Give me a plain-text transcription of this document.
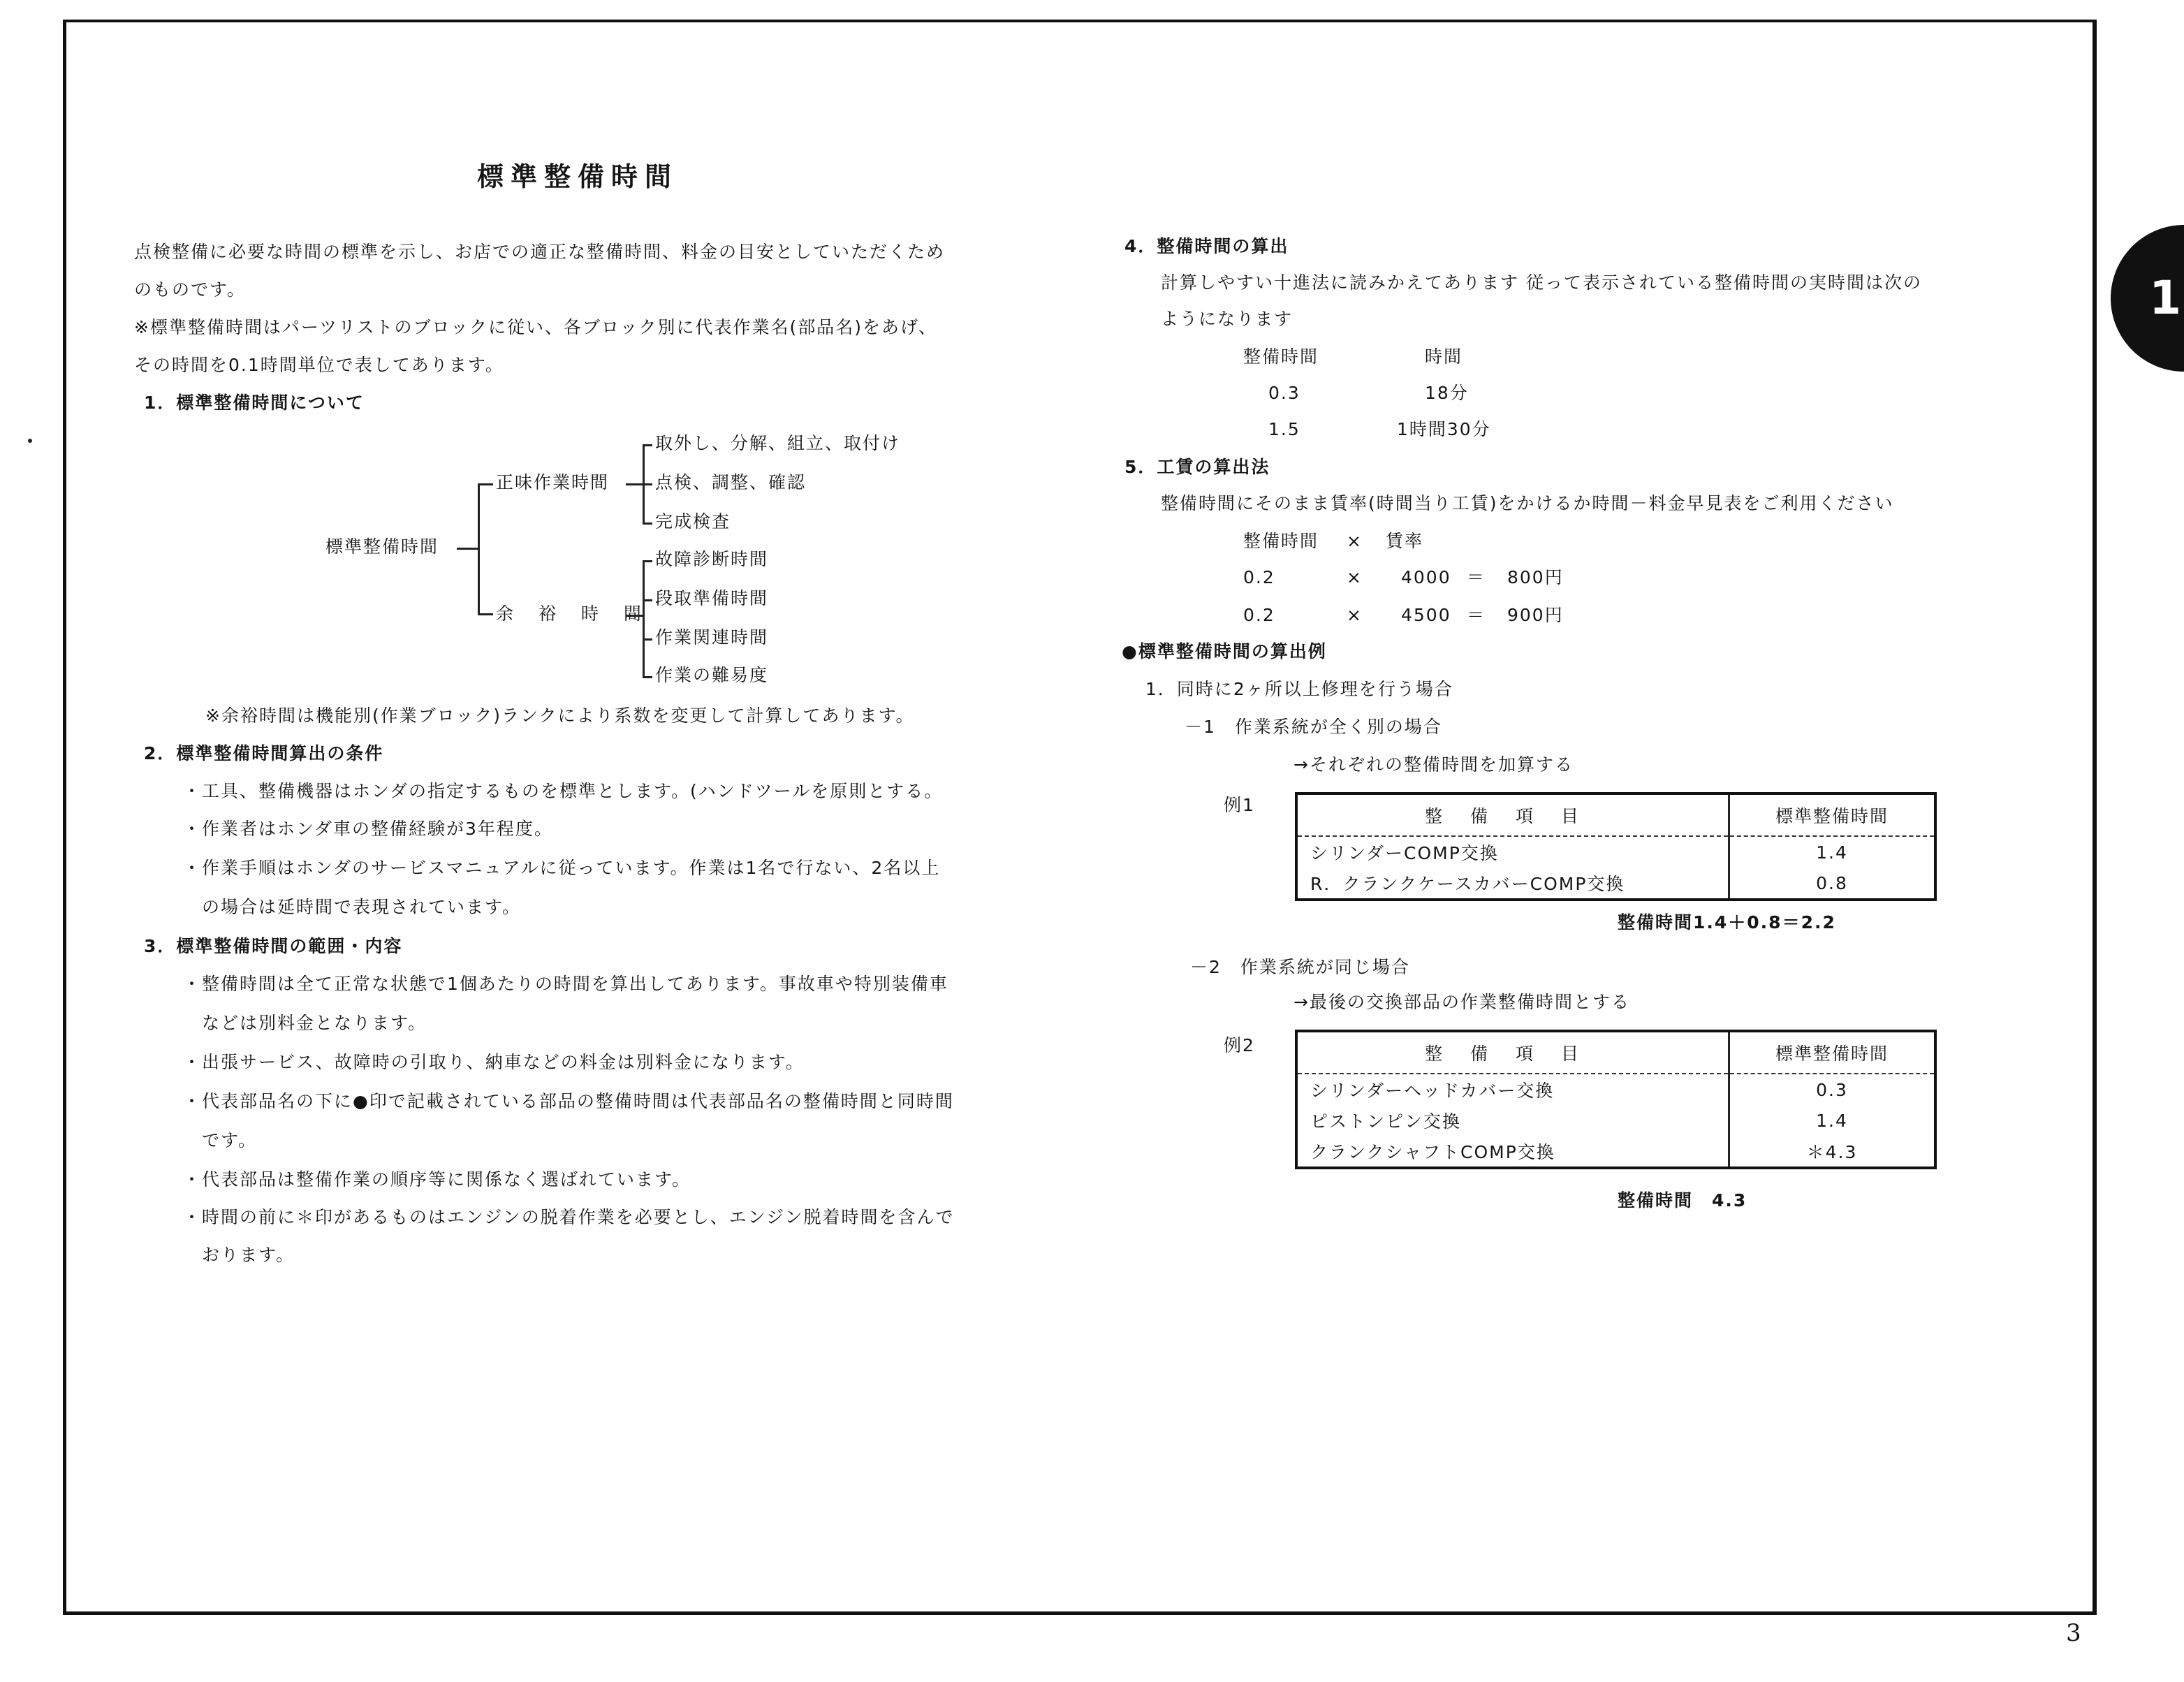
1
3
標準整備時間
点検整備に必要な時間の標準を示し、お店での適正な整備時間、料金の目安としていただくため
のものです。
※標準整備時間はパーツリストのブロックに従い、各ブロック別に代表作業名(部品名)をあげ、
その時間を0.1時間単位で表してあります。
1．標準整備時間について
標準整備時間
正味作業時間
取外し、分解、組立、取付け
点検、調整、確認
完成検査
余 裕 時 間
故障診断時間
段取準備時間
作業関連時間
作業の難易度
※余裕時間は機能別(作業ブロック)ランクにより系数を変更して計算してあります。
2．標準整備時間算出の条件
・工具、整備機器はホンダの指定するものを標準とします。(ハンドツールを原則とする。
・作業者はホンダ車の整備経験が3年程度。
・作業手順はホンダのサービスマニュアルに従っています。作業は1名で行ない、2名以上
　の場合は延時間で表現されています。
3．標準整備時間の範囲・内容
・整備時間は全て正常な状態で1個あたりの時間を算出してあります。事故車や特別装備車
　などは別料金となります。
・出張サービス、故障時の引取り、納車などの料金は別料金になります。
・代表部品名の下に●印で記載されている部品の整備時間は代表部品名の整備時間と同時間
　です。
・代表部品は整備作業の順序等に関係なく選ばれています。
・時間の前に＊印があるものはエンジンの脱着作業を必要とし、エンジン脱着時間を含んで
　おります。
4．整備時間の算出
計算しやすい十進法に読みかえてあります 従って表示されている整備時間の実時間は次の
ようになります
整備時間	時間
0.3	18分
1.5	1時間30分
5．工賃の算出法
整備時間にそのまま賃率(時間当り工賃)をかけるか時間－料金早見表をご利用ください
整備時間 × 賃率
0.2	× 4000 ＝ 800円
0.2	× 4500 ＝ 900円
●標準整備時間の算出例
1．同時に2ヶ所以上修理を行う場合
－1　作業系統が全く別の場合
→それぞれの整備時間を加算する
例1
整備項目	標準整備時間
シリンダーCOMP交換	1.4
R．クランクケースカバーCOMP交換	0.8
整備時間1.4＋0.8＝2.2
－2　作業系統が同じ場合
→最後の交換部品の作業整備時間とする
例2	整備項目	標準整備時間
シリンダーヘッドカバー交換	0.3
ピストンピン交換	1.4
クランクシャフトCOMP交換	＊4.3
整備時間　4.3
